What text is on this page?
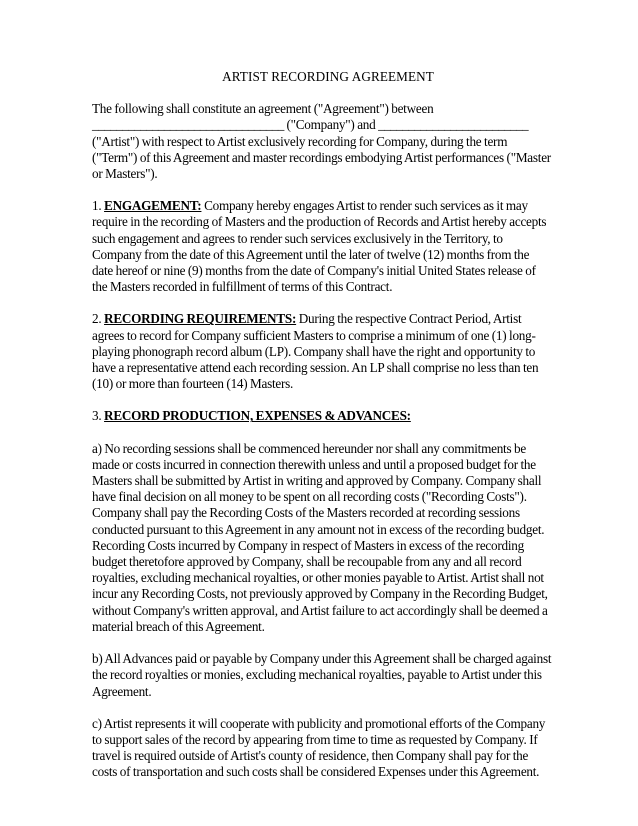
ARTIST RECORDING AGREEMENT

The following shall constitute an agreement ("Agreement") between
________________________________ ("Company") and _________________________ ("Artist") with respect to Artist exclusively recording for Company, during the term ("Term") of this Agreement and master recordings embodying Artist performances ("Master or Masters").

1. ENGAGEMENT: Company hereby engages Artist to render such services as it may require in the recording of Masters and the production of Records and Artist hereby accepts such engagement and agrees to render such services exclusively in the Territory, to Company from the date of this Agreement until the later of twelve (12) months from the date hereof or nine (9) months from the date of Company's initial United States release of the Masters recorded in fulfillment of terms of this Contract.

2. RECORDING REQUIREMENTS: During the respective Contract Period, Artist agrees to record for Company sufficient Masters to comprise a minimum of one (1) long-playing phonograph record album (LP). Company shall have the right and opportunity to have a representative attend each recording session. An LP shall comprise no less than ten (10) or more than fourteen (14) Masters.

3. RECORD PRODUCTION, EXPENSES & ADVANCES:

a) No recording sessions shall be commenced hereunder nor shall any commitments be made or costs incurred in connection therewith unless and until a proposed budget for the Masters shall be submitted by Artist in writing and approved by Company. Company shall have final decision on all money to be spent on all recording costs ("Recording Costs"). Company shall pay the Recording Costs of the Masters recorded at recording sessions conducted pursuant to this Agreement in any amount not in excess of the recording budget. Recording Costs incurred by Company in respect of Masters in excess of the recording budget theretofore approved by Company, shall be recoupable from any and all record royalties, excluding mechanical royalties, or other monies payable to Artist. Artist shall not incur any Recording Costs, not previously approved by Company in the Recording Budget, without Company's written approval, and Artist failure to act accordingly shall be deemed a material breach of this Agreement.

b) All Advances paid or payable by Company under this Agreement shall be charged against the record royalties or monies, excluding mechanical royalties, payable to Artist under this Agreement.

c) Artist represents it will cooperate with publicity and promotional efforts of the Company to support sales of the record by appearing from time to time as requested by Company. If travel is required outside of Artist's county of residence, then Company shall pay for the costs of transportation and such costs shall be considered Expenses under this Agreement.
